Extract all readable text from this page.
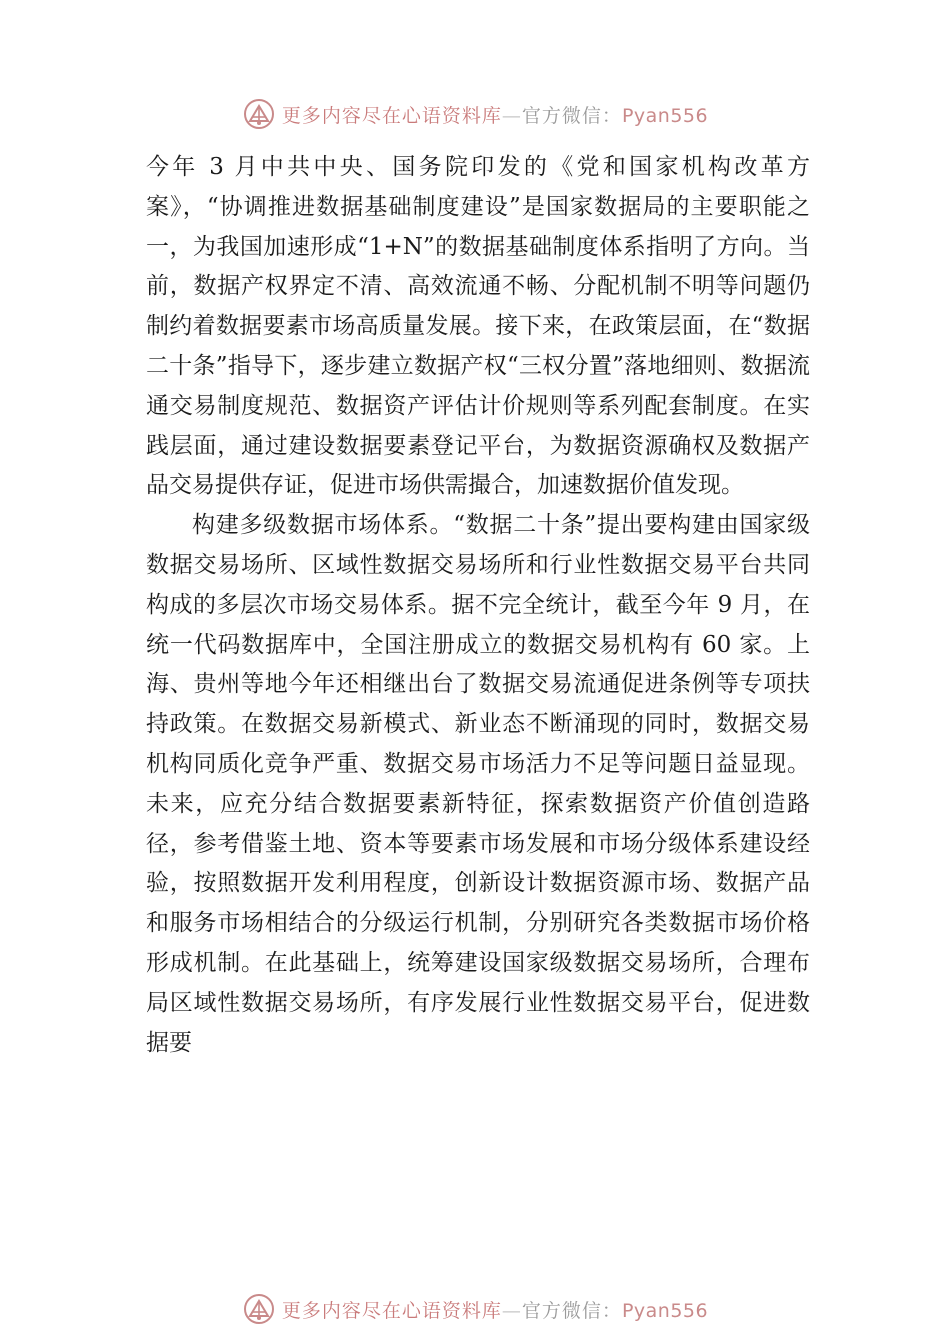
更多内容尽在心语资料库—官方微信：Pyan556

今年 3 月中共中央、国务院印发的《党和国家机构改革方案》，“协调推进数据基础制度建设”是国家数据局的主要职能之一，为我国加速形成“1+N”的数据基础制度体系指明了方向。当前，数据产权界定不清、高效流通不畅、分配机制不明等问题仍制约着数据要素市场高质量发展。接下来，在政策层面，在“数据二十条”指导下，逐步建立数据产权“三权分置”落地细则、数据流通交易制度规范、数据资产评估计价规则等系列配套制度。在实践层面，通过建设数据要素登记平台，为数据资源确权及数据产品交易提供存证，促进市场供需撮合，加速数据价值发现。

构建多级数据市场体系。“数据二十条”提出要构建由国家级数据交易场所、区域性数据交易场所和行业性数据交易平台共同构成的多层次市场交易体系。据不完全统计，截至今年 9 月，在统一代码数据库中，全国注册成立的数据交易机构有 60 家。上海、贵州等地今年还相继出台了数据交易流通促进条例等专项扶持政策。在数据交易新模式、新业态不断涌现的同时，数据交易机构同质化竞争严重、数据交易市场活力不足等问题日益显现。未来，应充分结合数据要素新特征，探索数据资产价值创造路径，参考借鉴土地、资本等要素市场发展和市场分级体系建设经验，按照数据开发利用程度，创新设计数据资源市场、数据产品和服务市场相结合的分级运行机制，分别研究各类数据市场价格形成机制。在此基础上，统筹建设国家级数据交易场所，合理布局区域性数据交易场所，有序发展行业性数据交易平台，促进数据要

更多内容尽在心语资料库—官方微信：Pyan556
